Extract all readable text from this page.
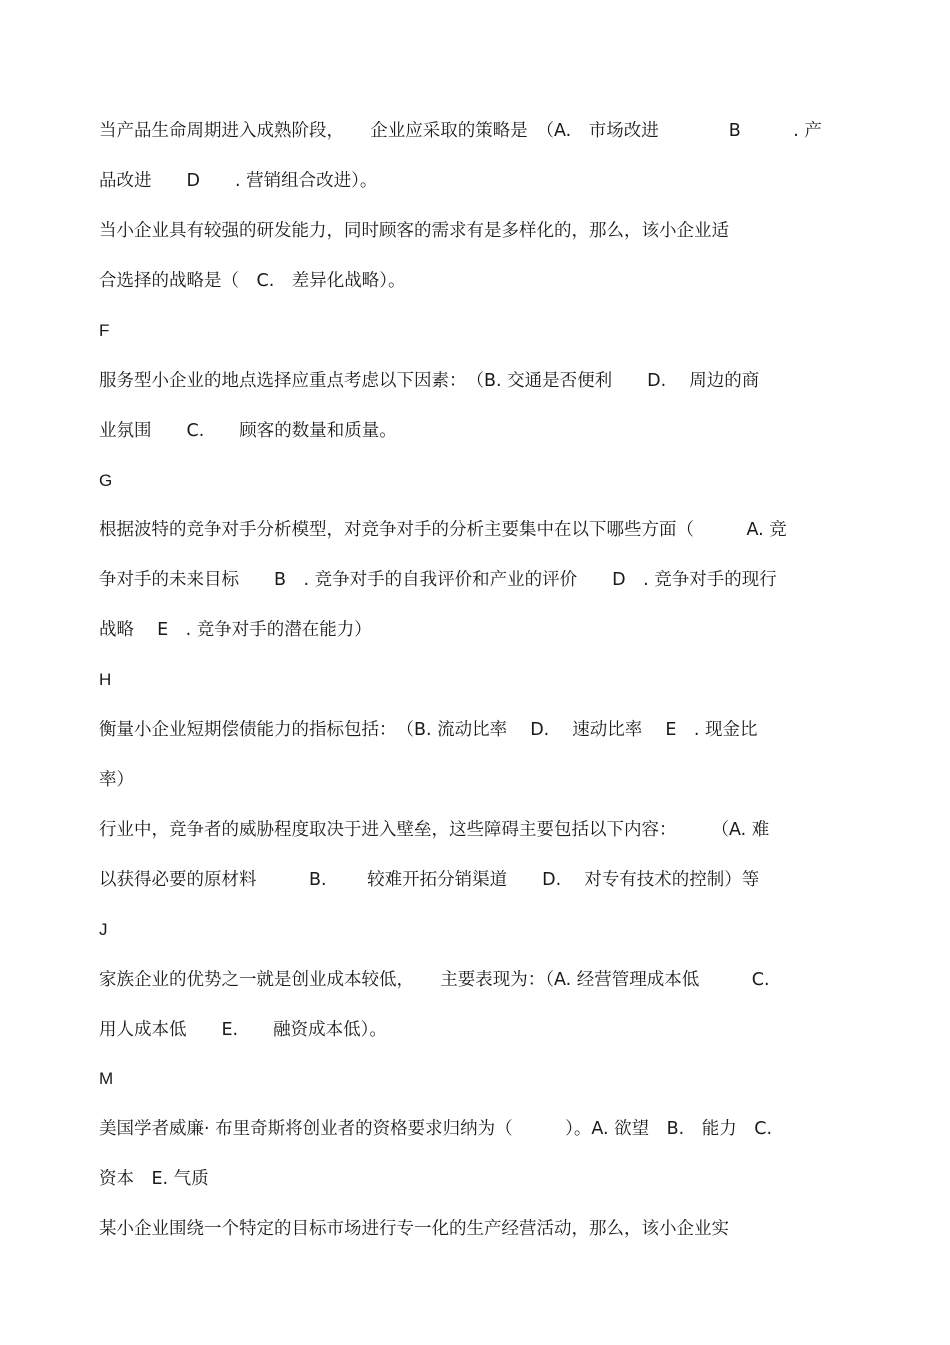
当产品生命周期进入成熟阶段，　　企业应采取的策略是　（A.　市场改进　　　　B　　　. 产
品改进　　D　　. 营销组合改进）。
当小企业具有较强的研发能力，同时顾客的需求有是多样化的，那么，该小企业适
合选择的战略是（　C.　差异化战略）。
F
服务型小企业的地点选择应重点考虑以下因素：　（B. 交通是否便利　　D.　 周边的商
业氛围　　C.　　顾客的数量和质量。
G
根据波特的竞争对手分析模型，对竞争对手的分析主要集中在以下哪些方面（　　　A. 竞
争对手的未来目标　　B　. 竞争对手的自我评价和产业的评价　　D　. 竞争对手的现行
战略　 E　. 竞争对手的潜在能力）
H
衡量小企业短期偿债能力的指标包括：　（B. 流动比率　 D.　 速动比率　 E　. 现金比
率）
行业中，竞争者的威胁程度取决于进入壁垒，这些障碍主要包括以下内容：　　　（A. 难
以获得必要的原材料　　　B.　　 较难开拓分销渠道　　D.　 对专有技术的控制）等
J
家族企业的优势之一就是创业成本较低，　　主要表现为：（A. 经营管理成本低　　　C.
用人成本低　　E.　　融资成本低）。
M
美国学者威廉· 布里奇斯将创业者的资格要求归纳为（　　　）。A. 欲望　B.　能力　C.
资本　E. 气质
某小企业围绕一个特定的目标市场进行专一化的生产经营活动，那么，该小企业实
